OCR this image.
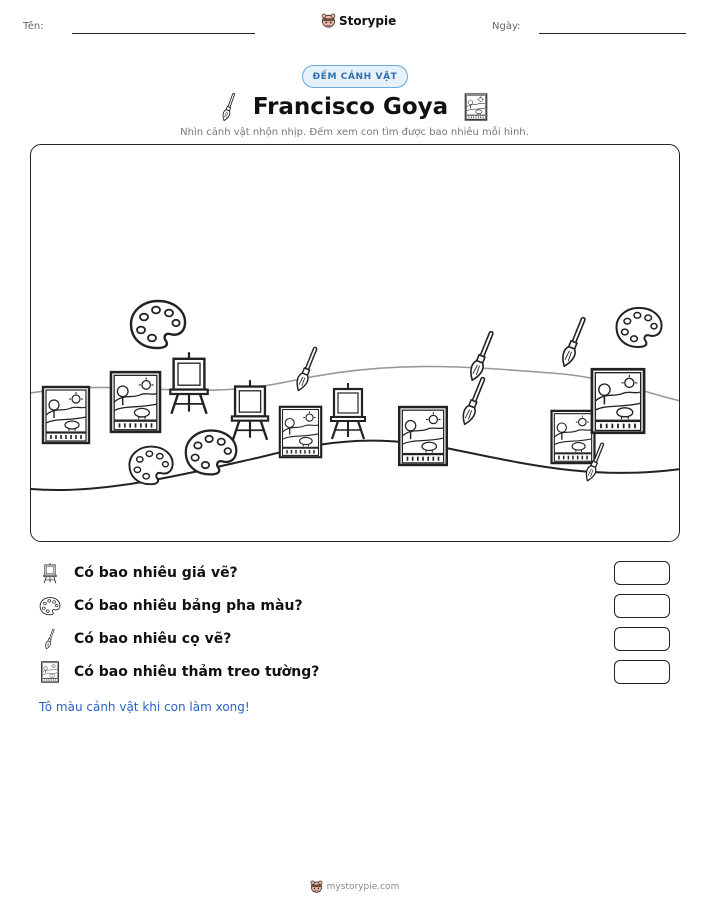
Tên:	Storypie	Ngày:
ĐẾM CẢNH VẬT
Francisco Goya
Nhìn cảnh vật nhộn nhịp. Đếm xem con tìm được bao nhiêu mỗi hình.
Có bao nhiêu giá vẽ?
Có bao nhiêu bảng pha màu?
Có bao nhiêu cọ vẽ?
Có bao nhiêu thảm treo tường?
Tô màu cảnh vật khi con làm xong!
mystorypie.com
